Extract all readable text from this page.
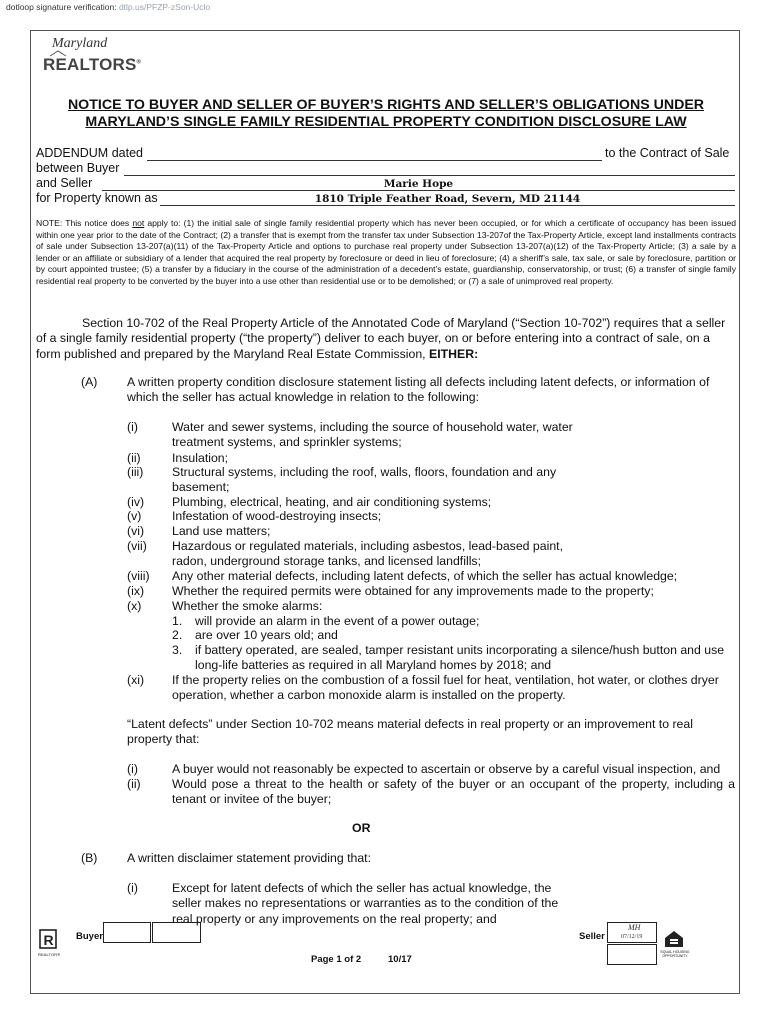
dotloop signature verification: dtlp.us/PFZP-zSon-Uclo
Maryland
REALTORS®
NOTICE TO BUYER AND SELLER OF BUYER’S RIGHTS AND SELLER’S OBLIGATIONS UNDER
MARYLAND’S SINGLE FAMILY RESIDENTIAL PROPERTY CONDITION DISCLOSURE LAW
ADDENDUM dated	to the Contract of Sale
between Buyer
and Seller	Marie Hope
for Property known as	1810 Triple Feather Road, Severn, MD 21144
NOTE: This notice does not apply to: (1) the initial sale of single family residential property which has never been occupied, or for which a certificate of occupancy has been issued within one year prior to the date of the Contract; (2) a transfer that is exempt from the transfer tax under Subsection 13-207of the Tax-Property Article, except land installments contracts of sale under Subsection 13-207(a)(11) of the Tax-Property Article and options to purchase real property under Subsection 13-207(a)(12) of the Tax-Property Article; (3) a sale by a lender or an affiliate or subsidiary of a lender that acquired the real property by foreclosure or deed in lieu of foreclosure; (4) a sheriff’s sale, tax sale, or sale by foreclosure, partition or by court appointed trustee; (5) a transfer by a fiduciary in the course of the administration of a decedent’s estate, guardianship, conservatorship, or trust; (6) a transfer of single family residential real property to be converted by the buyer into a use other than residential use or to be demolished; or (7) a sale of unimproved real property.
Section 10-702 of the Real Property Article of the Annotated Code of Maryland (“Section 10-702”) requires that a seller of a single family residential property (“the property”) deliver to each buyer, on or before entering into a contract of sale, on a form published and prepared by the Maryland Real Estate Commission, EITHER:
(A) A written property condition disclosure statement listing all defects including latent defects, or information of which the seller has actual knowledge in relation to the following:
(i)	Water and sewer systems, including the source of household water, water treatment systems, and sprinkler systems;
(ii)	Insulation;
(iii) Structural systems, including the roof, walls, floors, foundation and any basement;
(iv) Plumbing, electrical, heating, and air conditioning systems;
(v) Infestation of wood-destroying insects;
(vi) Land use matters;
(vii) Hazardous or regulated materials, including asbestos, lead-based paint, radon, underground storage tanks, and licensed landfills;
(viii) Any other material defects, including latent defects, of which the seller has actual knowledge;
(ix) Whether the required permits were obtained for any improvements made to the property;
(x) Whether the smoke alarms:
1. will provide an alarm in the event of a power outage;
2. are over 10 years old; and
3. if battery operated, are sealed, tamper resistant units incorporating a silence/hush button and use long-life batteries as required in all Maryland homes by 2018; and
(xi) If the property relies on the combustion of a fossil fuel for heat, ventilation, hot water, or clothes dryer operation, whether a carbon monoxide alarm is installed on the property.
“Latent defects” under Section 10-702 means material defects in real property or an improvement to real property that:
(i)	A buyer would not reasonably be expected to ascertain or observe by a careful visual inspection, and
(ii)	Would pose a threat to the health or safety of the buyer or an occupant of the property, including a tenant or invitee of the buyer;
OR
(B) A written disclaimer statement providing that:
(i)	Except for latent defects of which the seller has actual knowledge, the seller makes no representations or warranties as to the condition of the real property or any improvements on the real property; and
R
REALTOR®
Buyer	Seller
MH
07/12/19
EQUAL HOUSING OPPORTUNITY
Page 1 of 2	10/17
